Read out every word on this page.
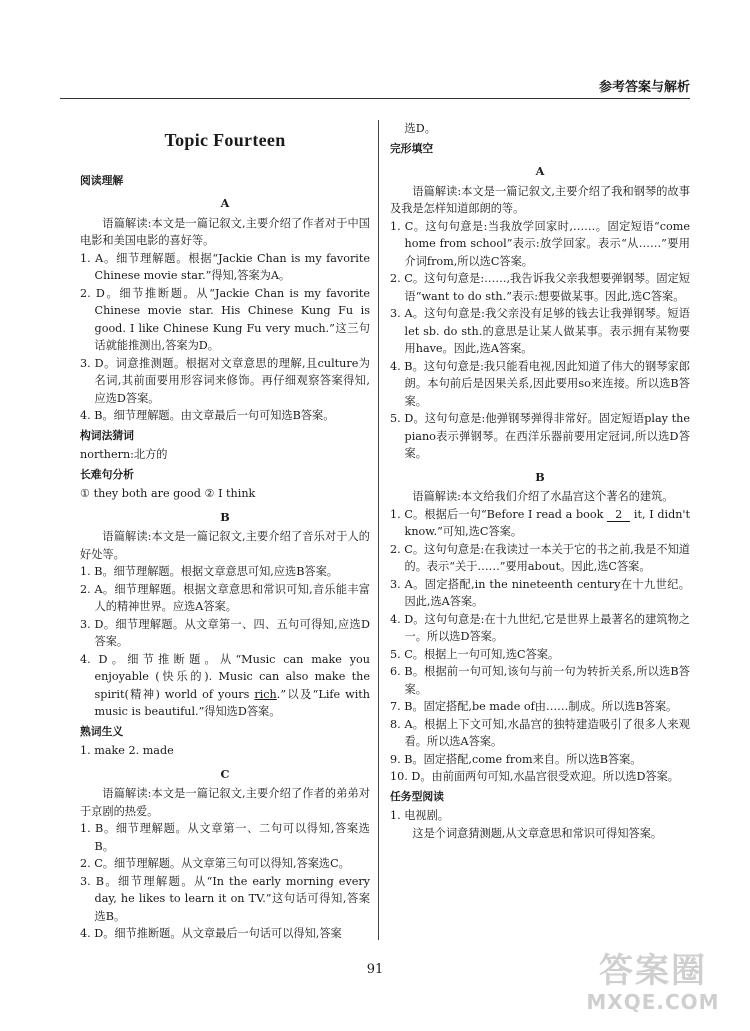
参考答案与解析
Topic Fourteen
阅读理解
A

语篇解读:本文是一篇记叙文,主要介绍了作者对于中国电影和美国电影的喜好等。

1. A。细节理解题。根据“Jackie Chan is my favorite Chinese movie star.”得知,答案为A。

2. D。细节推断题。从“Jackie Chan is my favorite Chinese movie star. His Chinese Kung Fu is good. I like Chinese Kung Fu very much.”这三句话就能推测出,答案为D。

3. D。词意推测题。根据对文章意思的理解,且culture为名词,其前面要用形容词来修饰。再仔细观察答案得知,应选D答案。

4. B。细节理解题。由文章最后一句可知选B答案。

构词法猜词

northern:北方的

长难句分析

① they both are good ② I think

B

语篇解读:本文是一篇记叙文,主要介绍了音乐对于人的好处等。

1. B。细节理解题。根据文章意思可知,应选B答案。

2. A。细节理解题。根据文章意思和常识可知,音乐能丰富人的精神世界。应选A答案。

3. D。细节理解题。从文章第一、四、五句可得知,应选D答案。

4. D。细节推断题。从“Music can make you enjoyable (快乐的). Music can also make the spirit(精神) world of yours rich.”以及“Life with music is beautiful.”得知选D答案。

熟词生义

1. make 2. made

C

语篇解读:本文是一篇记叙文,主要介绍了作者的弟弟对于京剧的热爱。

1. B。细节理解题。从文章第一、二句可以得知,答案选B。

2. C。细节理解题。从文章第三句可以得知,答案选C。

3. B。细节理解题。从“In the early morning every day, he likes to learn it on TV.”这句话可得知,答案选B。

4. D。细节推断题。从文章最后一句话可以得知,答案

选D。

完形填空
A

语篇解读:本文是一篇记叙文,主要介绍了我和钢琴的故事及我是怎样知道郎朗的等。

1. C。这句句意是:当我放学回家时,……。固定短语“come home from school”表示:放学回家。表示“从……”要用介词from,所以选C答案。

2. C。这句句意是:……,我告诉我父亲我想要弹钢琴。固定短语“want to do sth.”表示:想要做某事。因此,选C答案。

3. A。这句句意是:我父亲没有足够的钱去让我弹钢琴。短语let sb. do sth.的意思是让某人做某事。表示拥有某物要用have。因此,选A答案。

4. B。这句句意是:我只能看电视,因此知道了伟大的钢琴家郎朗。本句前后是因果关系,因此要用so来连接。所以选B答案。

5. D。这句句意是:他弹钢琴弹得非常好。固定短语play the piano表示弹钢琴。在西洋乐器前要用定冠词,所以选D答案。

B

语篇解读:本文给我们介绍了水晶宫这个著名的建筑。

1. C。根据后一句“Before I read a book 2 it, I didn't know.”可知,选C答案。

2. C。这句句意是:在我读过一本关于它的书之前,我是不知道的。表示“关于……”要用about。因此,选C答案。

3. A。固定搭配,in the nineteenth century在十九世纪。因此,选A答案。

4. D。这句句意是:在十九世纪,它是世界上最著名的建筑物之一。所以选D答案。

5. C。根据上一句可知,选C答案。

6. B。根据前一句可知,该句与前一句为转折关系,所以选B答案。

7. B。固定搭配,be made of由……制成。所以选B答案。

8. A。根据上下文可知,水晶宫的独特建造吸引了很多人来观看。所以选A答案。

9. B。固定搭配,come from来自。所以选B答案。

10. D。由前面两句可知,水晶宫很受欢迎。所以选D答案。

任务型阅读

1. 电视剧。

这是个词意猜测题,从文章意思和常识可得知答案。

91	答案圈
MXQE.COM
